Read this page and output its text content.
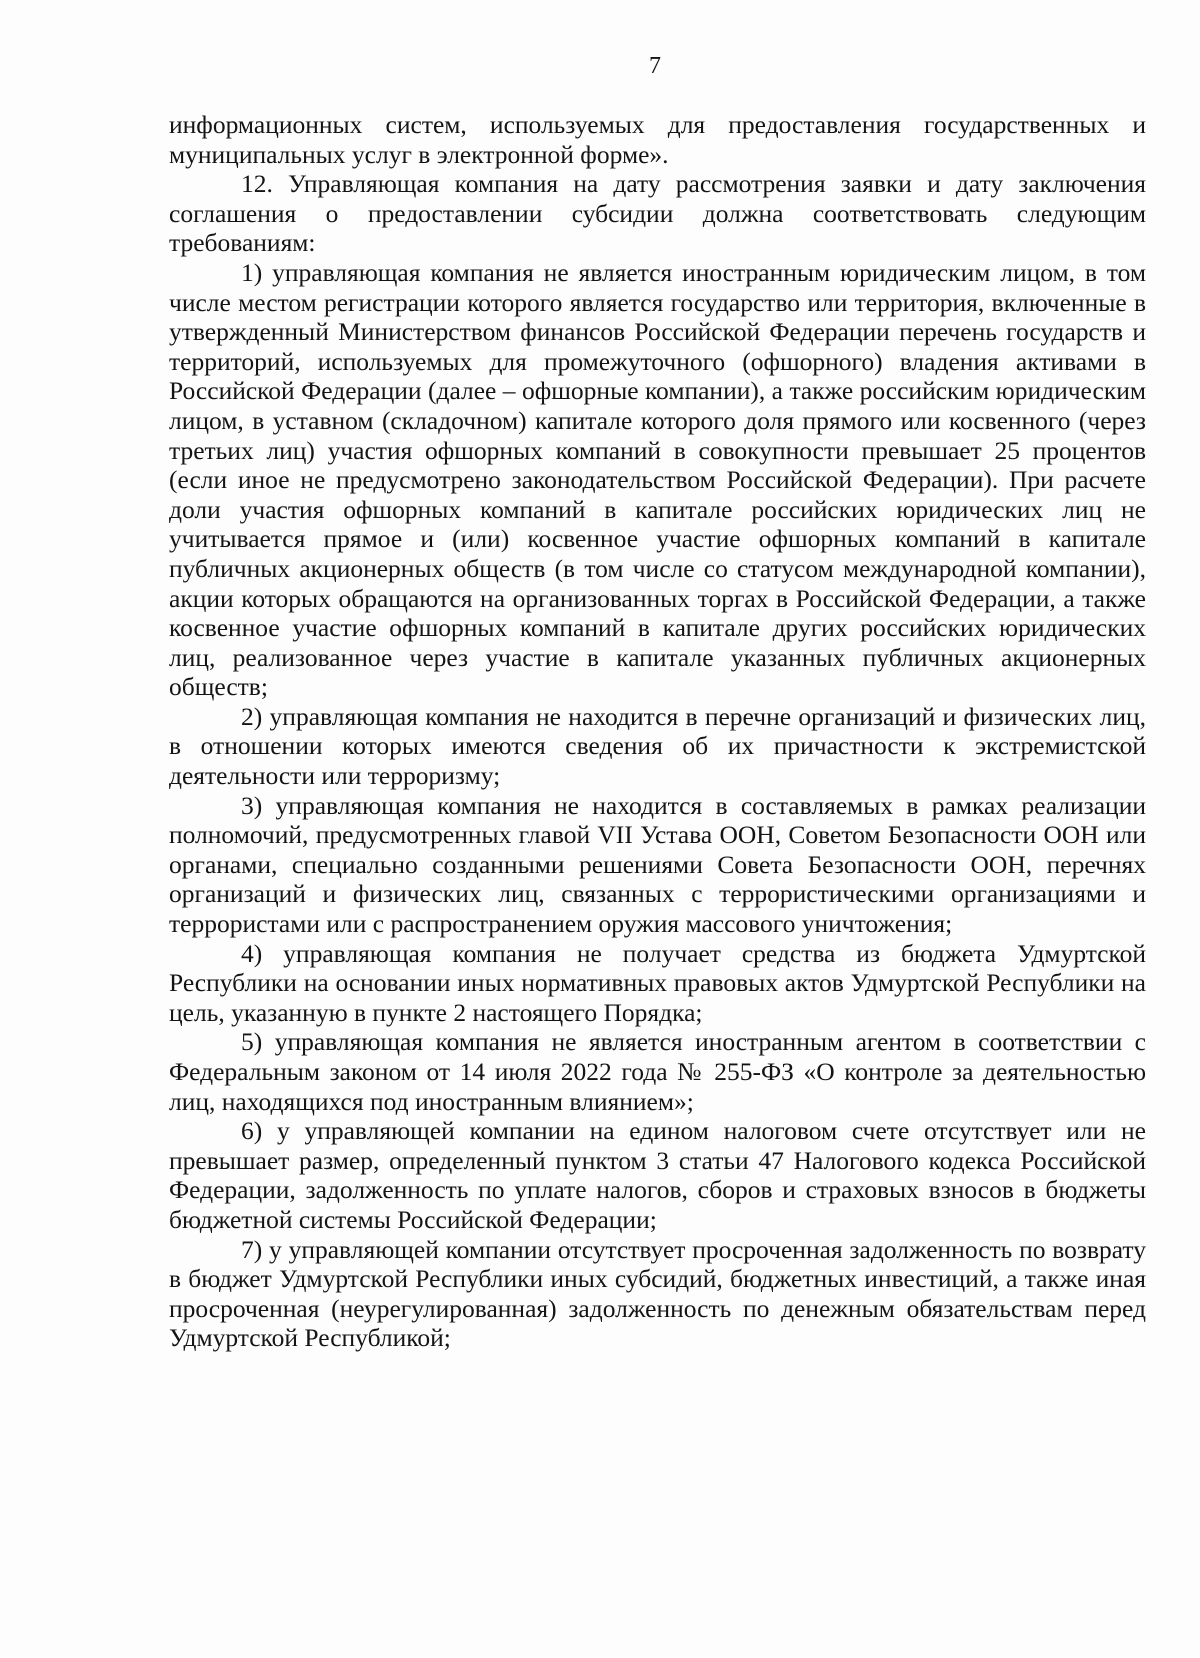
7

информационных систем, используемых для предоставления государственных и муниципальных услуг в электронной форме».

12. Управляющая компания на дату рассмотрения заявки и дату заключения соглашения о предоставлении субсидии должна соответствовать следующим требованиям:

1) управляющая компания не является иностранным юридическим лицом, в том числе местом регистрации которого является государство или территория, включенные в утвержденный Министерством финансов Российской Федерации перечень государств и территорий, используемых для промежуточного (офшорного) владения активами в Российской Федерации (далее – офшорные компании), а также российским юридическим лицом, в уставном (складочном) капитале которого доля прямого или косвенного (через третьих лиц) участия офшорных компаний в совокупности превышает 25 процентов (если иное не предусмотрено законодательством Российской Федерации). При расчете доли участия офшорных компаний в капитале российских юридических лиц не учитывается прямое и (или) косвенное участие офшорных компаний в капитале публичных акционерных обществ (в том числе со статусом международной компании), акции которых обращаются на организованных торгах в Российской Федерации, а также косвенное участие офшорных компаний в капитале других российских юридических лиц, реализованное через участие в капитале указанных публичных акционерных обществ;

2) управляющая компания не находится в перечне организаций и физических лиц, в отношении которых имеются сведения об их причастности к экстремистской деятельности или терроризму;

3) управляющая компания не находится в составляемых в рамках реализации полномочий, предусмотренных главой VII Устава ООН, Советом Безопасности ООН или органами, специально созданными решениями Совета Безопасности ООН, перечнях организаций и физических лиц, связанных с террористическими организациями и террористами или с распространением оружия массового уничтожения;

4) управляющая компания не получает средства из бюджета Удмуртской Республики на основании иных нормативных правовых актов Удмуртской Республики на цель, указанную в пункте 2 настоящего Порядка;

5) управляющая компания не является иностранным агентом в соответствии с Федеральным законом от 14 июля 2022 года № 255-ФЗ «О контроле за деятельностью лиц, находящихся под иностранным влиянием»;

6) у управляющей компании на едином налоговом счете отсутствует или не превышает размер, определенный пунктом 3 статьи 47 Налогового кодекса Российской Федерации, задолженность по уплате налогов, сборов и страховых взносов в бюджеты бюджетной системы Российской Федерации;

7) у управляющей компании отсутствует просроченная задолженность по возврату в бюджет Удмуртской Республики иных субсидий, бюджетных инвестиций, а также иная просроченная (неурегулированная) задолженность по денежным обязательствам перед Удмуртской Республикой;
